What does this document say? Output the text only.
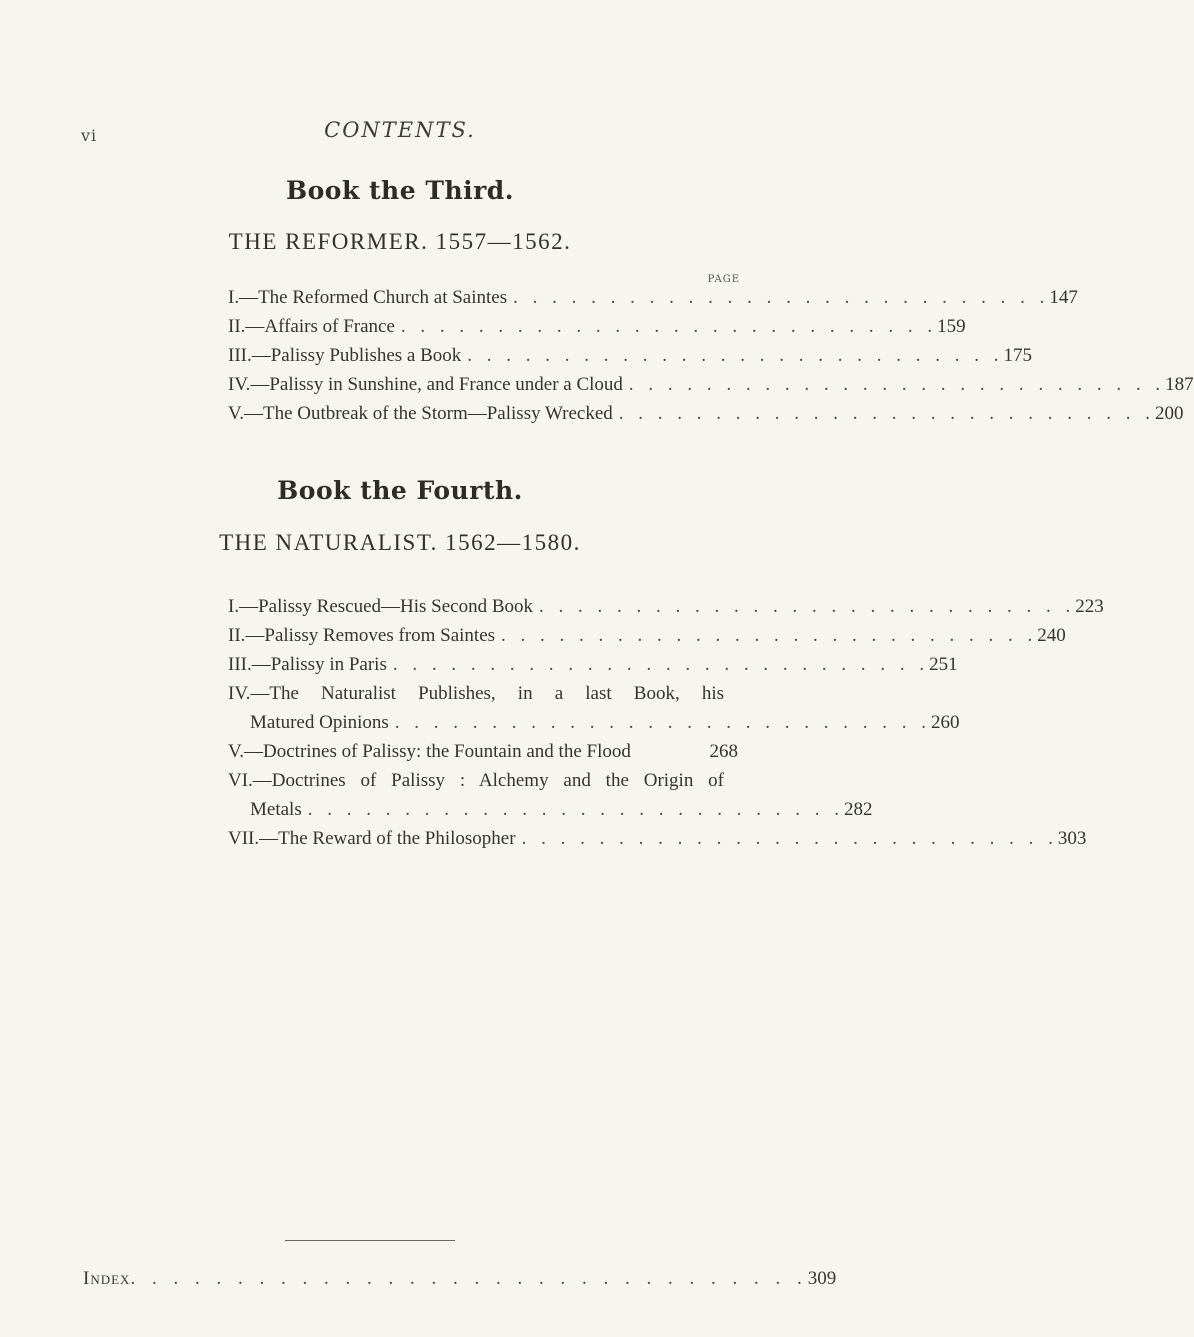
vi	CONTENTS.
Book the Third.
THE REFORMER. 1557—1562.
PAGE
I.—The Reformed Church at Saintes . . . . . . . . . . . . . . . . . . . . . . . . . . . . 147
II.—Affairs of France . . . . . . . . . . . . . . . . . . . . . . . . . . . . 159
III.—Palissy Publishes a Book . . . . . . . . . . . . . . . . . . . . . . . . . . . . 175
IV.—Palissy in Sunshine, and France under a Cloud . . . . . . . . . . . . . . . . . . . . . . . . . . . . 187
V.—The Outbreak of the Storm—Palissy Wrecked . . . . . . . . . . . . . . . . . . . . . . . . . . . . 200
Book the Fourth.
THE NATURALIST. 1562—1580.
I.—Palissy Rescued—His Second Book . . . . . . . . . . . . . . . . . . . . . . . . . . . . 223
II.—Palissy Removes from Saintes . . . . . . . . . . . . . . . . . . . . . . . . . . . . 240
III.—Palissy in Paris . . . . . . . . . . . . . . . . . . . . . . . . . . . . 251
IV.—The Naturalist Publishes, in a last Book, his
Matured Opinions . . . . . . . . . . . . . . . . . . . . . . . . . . . . 260
V.—Doctrines of Palissy: the Fountain and the Flood	268
VI.—Doctrines of Palissy : Alchemy and the Origin of
Metals . . . . . . . . . . . . . . . . . . . . . . . . . . . . 282
VII.—The Reward of the Philosopher . . . . . . . . . . . . . . . . . . . . . . . . . . . . 303
Index . . . . . . . . . . . . . . . . . . . . . . . . . . . . . . . . 309
